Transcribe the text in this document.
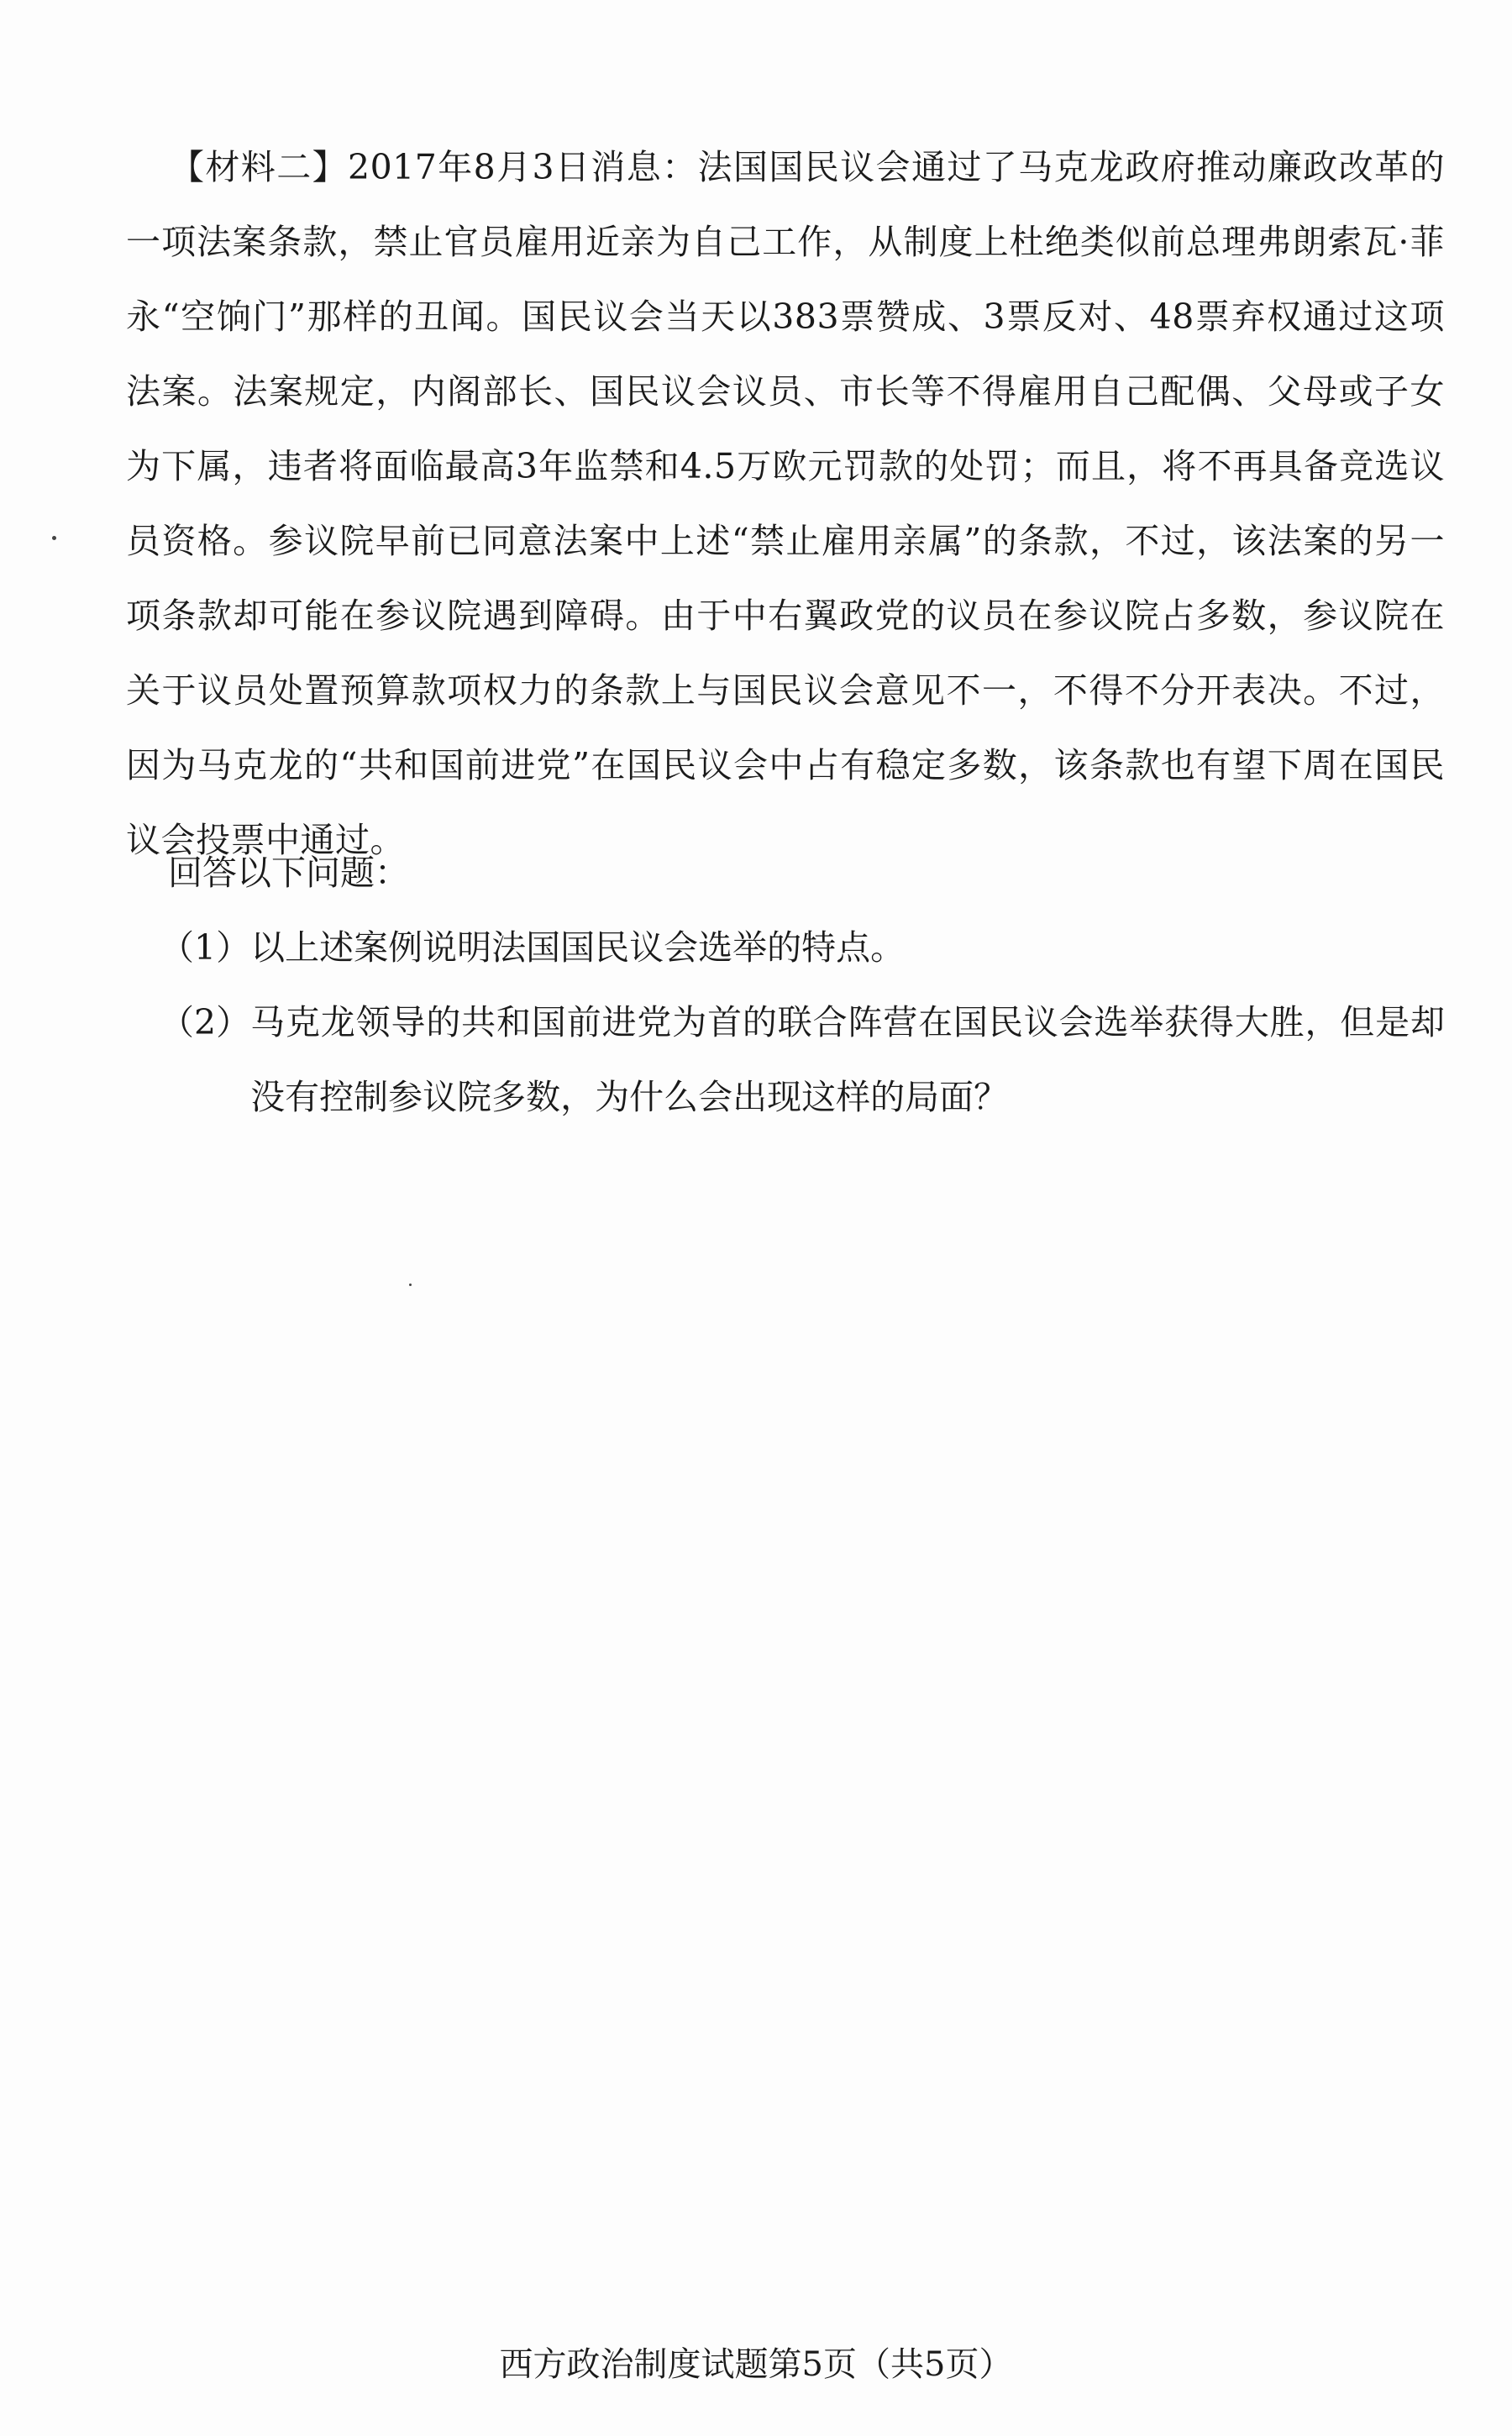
【材料二】2017年8月3日消息：法国国民议会通过了马克龙政府推动廉政改革的一项法案条款，禁止官员雇用近亲为自己工作，从制度上杜绝类似前总理弗朗索瓦·菲永“空饷门”那样的丑闻。国民议会当天以383票赞成、3票反对、48票弃权通过这项法案。法案规定，内阁部长、国民议会议员、市长等不得雇用自己配偶、父母或子女为下属，违者将面临最高3年监禁和4.5万欧元罚款的处罚；而且，将不再具备竞选议员资格。参议院早前已同意法案中上述“禁止雇用亲属”的条款，不过，该法案的另一项条款却可能在参议院遇到障碍。由于中右翼政党的议员在参议院占多数，参议院在关于议员处置预算款项权力的条款上与国民议会意见不一，不得不分开表决。不过，因为马克龙的“共和国前进党”在国民议会中占有稳定多数，该条款也有望下周在国民议会投票中通过。

回答以下问题：
（1） 以上述案例说明法国国民议会选举的特点。
（2） 马克龙领导的共和国前进党为首的联合阵营在国民议会选举获得大胜，但是却没有控制参议院多数，为什么会出现这样的局面？
西方政治制度试题第5页（共5页）
